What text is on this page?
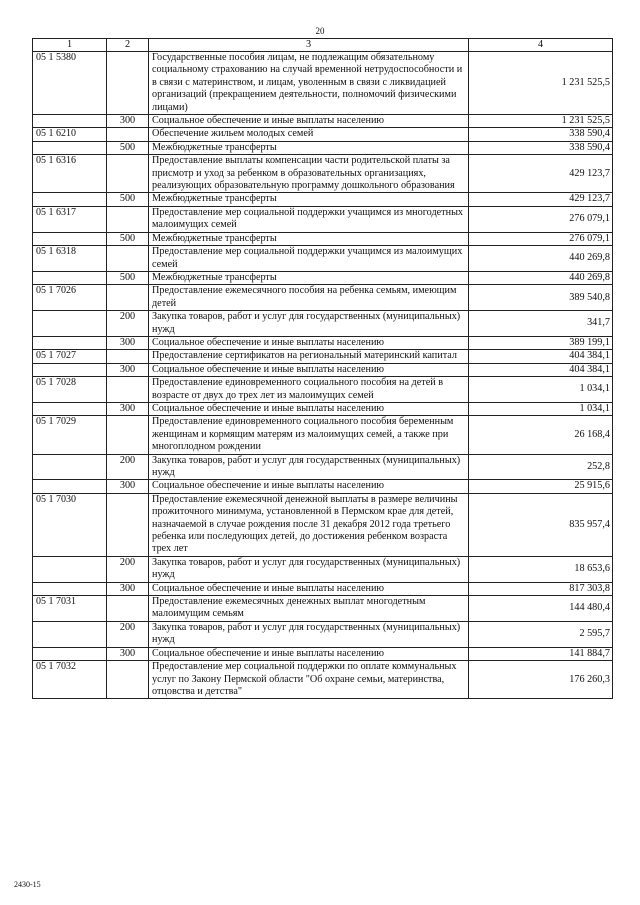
20
1	2	3	4
05 1 5380		Государственные пособия лицам, не подлежащим обязательному социальному страхованию на случай временной нетрудоспособности и в связи с материнством, и лицам, уволенным в связи с ликвидацией организаций (прекращением деятельности, полномочий физическими лицами)	1 231 525,5
	300	Социальное обеспечение и иные выплаты населению	1 231 525,5
05 1 6210		Обеспечение жильем молодых семей	338 590,4
	500	Межбюджетные трансферты	338 590,4
05 1 6316		Предоставление выплаты компенсации части родительской платы за присмотр и уход за ребенком в образовательных организациях, реализующих образовательную программу дошкольного образования	429 123,7
	500	Межбюджетные трансферты	429 123,7
05 1 6317		Предоставление мер социальной поддержки учащимся из многодетных малоимущих семей	276 079,1
	500	Межбюджетные трансферты	276 079,1
05 1 6318		Предоставление мер социальной поддержки учащимся из малоимущих семей	440 269,8
	500	Межбюджетные трансферты	440 269,8
05 1 7026		Предоставление ежемесячного пособия на ребенка семьям, имеющим детей	389 540,8
	200	Закупка товаров, работ и услуг для государственных (муниципальных) нужд	341,7
	300	Социальное обеспечение и иные выплаты населению	389 199,1
05 1 7027		Предоставление сертификатов на региональный материнский капитал	404 384,1
	300	Социальное обеспечение и иные выплаты населению	404 384,1
05 1 7028		Предоставление единовременного социального пособия на детей в возрасте от двух до трех лет из малоимущих семей	1 034,1
	300	Социальное обеспечение и иные выплаты населению	1 034,1
05 1 7029		Предоставление единовременного социального пособия беременным женщинам и кормящим матерям из малоимущих семей, а также при многоплодном рождении	26 168,4
	200	Закупка товаров, работ и услуг для государственных (муниципальных) нужд	252,8
	300	Социальное обеспечение и иные выплаты населению	25 915,6
05 1 7030		Предоставление ежемесячной денежной выплаты в размере величины прожиточного минимума, установленной в Пермском крае для детей, назначаемой в случае рождения после 31 декабря 2012 года третьего ребенка или последующих детей, до достижения ребенком возраста трех лет	835 957,4
	200	Закупка товаров, работ и услуг для государственных (муниципальных) нужд	18 653,6
	300	Социальное обеспечение и иные выплаты населению	817 303,8
05 1 7031		Предоставление ежемесячных денежных выплат многодетным малоимущим семьям	144 480,4
	200	Закупка товаров, работ и услуг для государственных (муниципальных) нужд	2 595,7
	300	Социальное обеспечение и иные выплаты населению	141 884,7
05 1 7032		Предоставление мер социальной поддержки по оплате коммунальных услуг по Закону Пермской области "Об охране семьи, материнства, отцовства и детства"	176 260,3
2430-15
